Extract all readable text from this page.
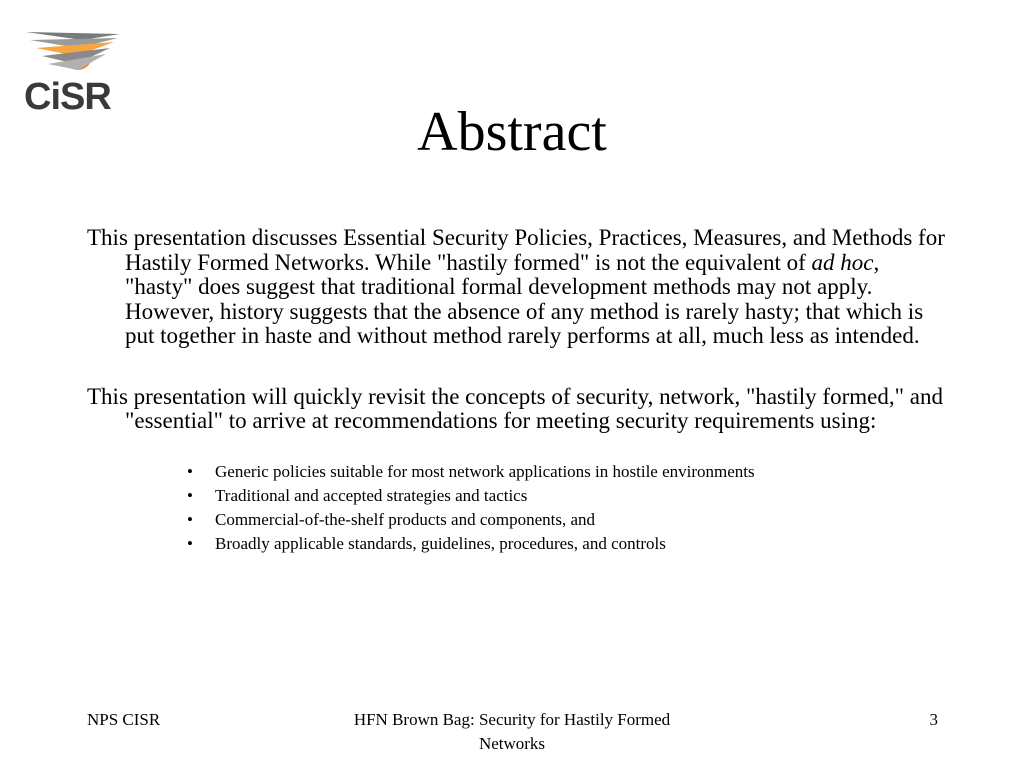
CiSR
Abstract

This presentation discusses Essential Security Policies, Practices, Measures, and Methods for Hastily Formed Networks. While "hastily formed" is not the equivalent of ad hoc, "hasty" does suggest that traditional formal development methods may not apply. However, history suggests that the absence of any method is rarely hasty; that which is put together in haste and without method rarely performs at all, much less as intended.

This presentation will quickly revisit the concepts of security, network, "hastily formed," and "essential" to arrive at recommendations for meeting security requirements using:

• Generic policies suitable for most network applications in hostile environments
• Traditional and accepted strategies and tactics
• Commercial-of-the-shelf products and components, and
• Broadly applicable standards, guidelines, procedures, and controls
NPS CISR	HFN Brown Bag: Security for Hastily Formed Networks
3
